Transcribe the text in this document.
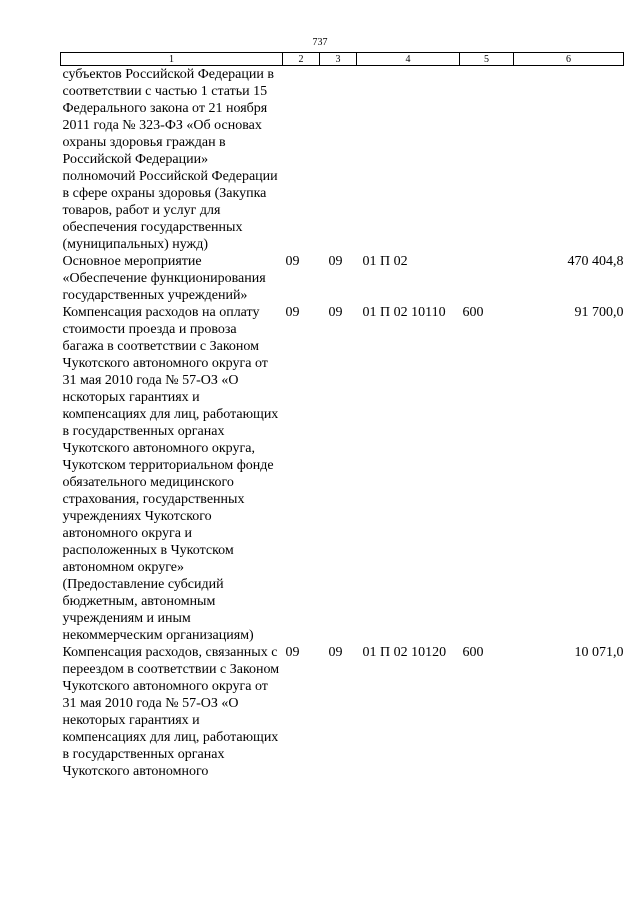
737
1	2	3	4	5	6
субъектов Российской Федерации в соответствии с частью 1 статьи 15 Федерального закона от 21 ноября 2011 года № 323-ФЗ «Об основах охраны здоровья граждан в Российской Федерации» полномочий Российской Федерации в сфере охраны здоровья (Закупка товаров, работ и услуг для обеспечения государственных (муниципальных) нужд)					
Основное мероприятие «Обеспечение функционирования государственных учреждений»	09	09	01 П 02		470 404,8
Компенсация расходов на оплату стоимости проезда и провоза багажа в соответствии с Законом Чукотского автономного округа от 31 мая 2010 года № 57-ОЗ «О нскоторых гарантиях и компенсациях для лиц, работающих в государственных органах Чукотского автономного округа, Чукотском территориальном фонде обязательного медицинского страхования, государственных учреждениях Чукотского автономного округа и расположенных в Чукотском автономном округе» (Предоставление субсидий бюджетным, автономным учреждениям и иным некоммерческим организациям)	09	09	01 П 02 10110	600	91 700,0
Компенсация расходов, связанных с переездом в соответствии с Законом Чукотского автономного округа от 31 мая 2010 года № 57-ОЗ «О некоторых гарантиях и компенсациях для лиц, работающих в государственных органах Чукотского автономного	09	09	01 П 02 10120	600	10 071,0
